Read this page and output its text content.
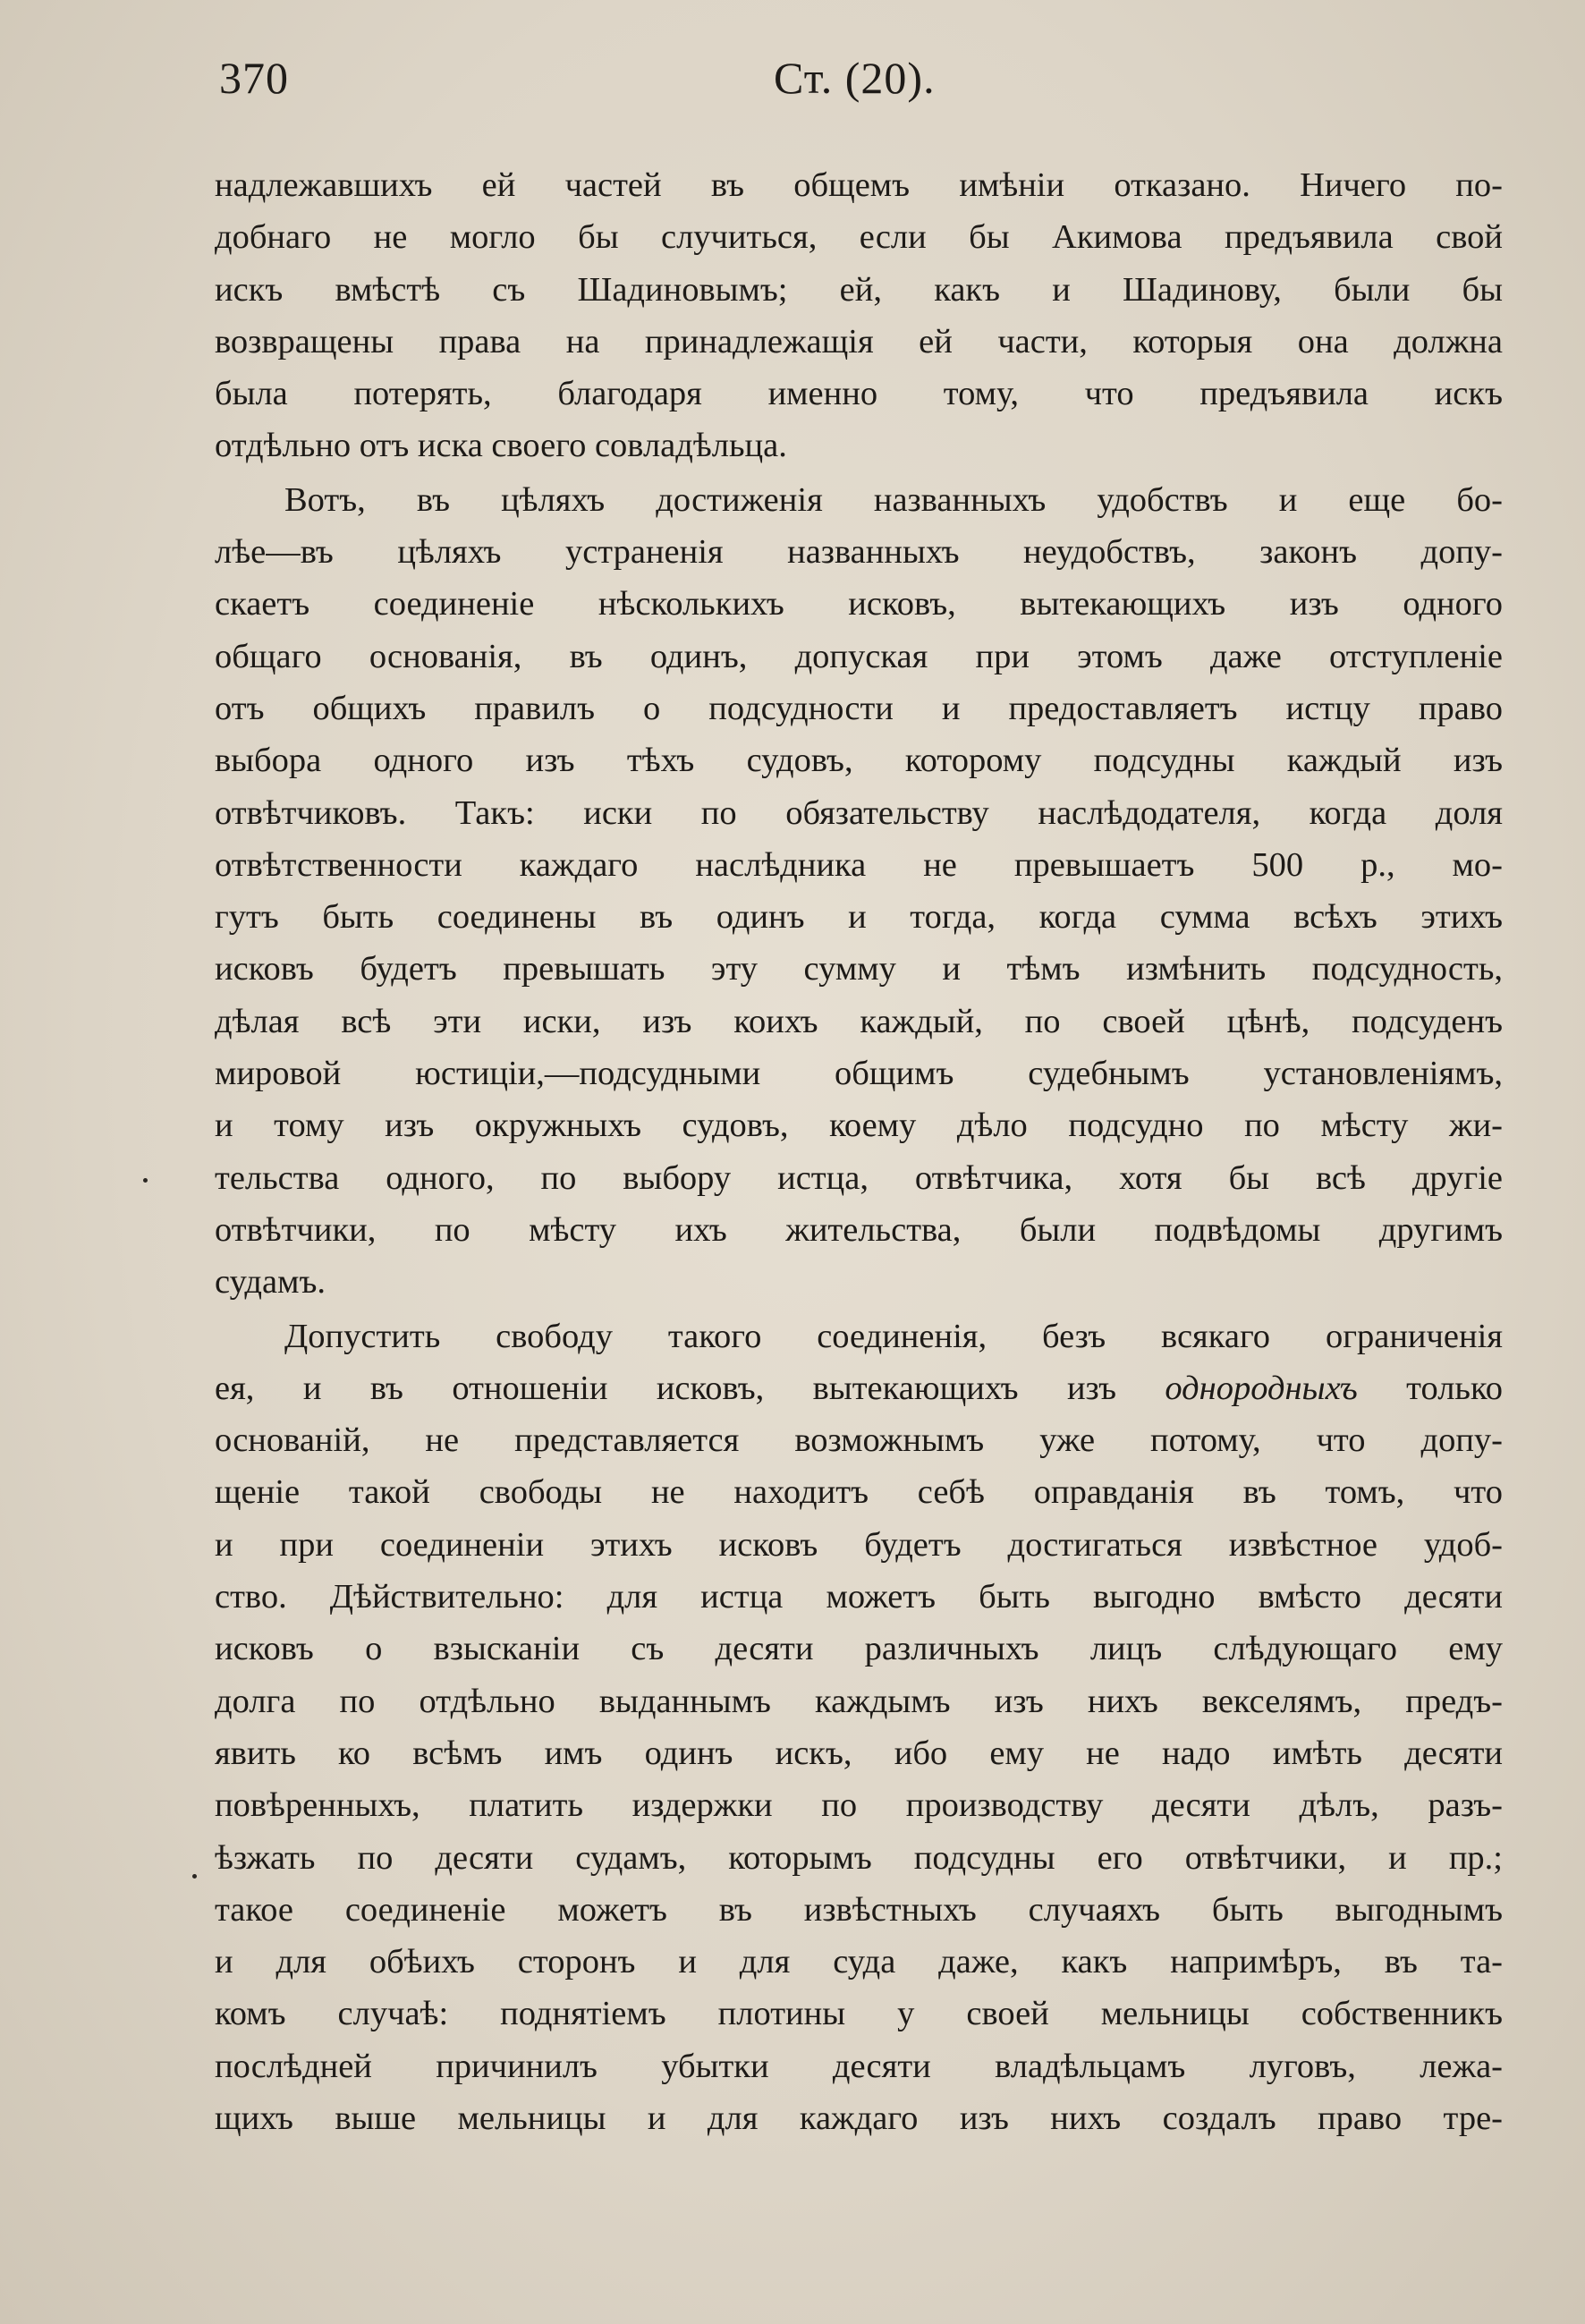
370	Ст. (20).
надлежавшихъ ей частей въ общемъ имѣніи отказано. Ничего по-
добнаго не могло бы случиться, если бы Акимова предъявила свой
искъ вмѣстѣ съ Шадиновымъ; ей, какъ и Шадинову, были бы
возвращены права на принадлежащія ей части, которыя она должна
была потерять, благодаря именно тому, что предъявила искъ
отдѣльно отъ иска своего совладѣльца.
Вотъ, въ цѣляхъ достиженія названныхъ удобствъ и еще бо-
лѣе—въ цѣляхъ устраненія названныхъ неудобствъ, законъ допу-
скаетъ соединеніе нѣсколькихъ исковъ, вытекающихъ изъ одного
общаго основанія, въ одинъ, допуская при этомъ даже отступленіе
отъ общихъ правилъ о подсудности и предоставляетъ истцу право
выбора одного изъ тѣхъ судовъ, которому подсудны каждый изъ
отвѣтчиковъ. Такъ: иски по обязательству наслѣдодателя, когда доля
отвѣтственности каждаго наслѣдника не превышаетъ 500 р., мо-
гутъ быть соединены въ одинъ и тогда, когда сумма всѣхъ этихъ
исковъ будетъ превышать эту сумму и тѣмъ измѣнить подсудность,
дѣлая всѣ эти иски, изъ коихъ каждый, по своей цѣнѣ, подсуденъ
мировой юстиціи,—подсудными общимъ судебнымъ установленіямъ,
и тому изъ окружныхъ судовъ, коему дѣло подсудно по мѣсту жи-
тельства одного, по выбору истца, отвѣтчика, хотя бы всѣ другіе
отвѣтчики, по мѣсту ихъ жительства, были подвѣдомы другимъ
судамъ.
Допустить свободу такого соединенія, безъ всякаго ограниченія
ея, и въ отношеніи исковъ, вытекающихъ изъ однородныхъ только
основаній, не представляется возможнымъ уже потому, что допу-
щеніе такой свободы не находитъ себѣ оправданія въ томъ, что
и при соединеніи этихъ исковъ будетъ достигаться извѣстное удоб-
ство. Дѣйствительно: для истца можетъ быть выгодно вмѣсто десяти
исковъ о взысканіи съ десяти различныхъ лицъ слѣдующаго ему
долга по отдѣльно выданнымъ каждымъ изъ нихъ векселямъ, предъ-
явить ко всѣмъ имъ одинъ искъ, ибо ему не надо имѣть десяти
повѣренныхъ, платить издержки по производству десяти дѣлъ, разъ-
ѣзжать по десяти судамъ, которымъ подсудны его отвѣтчики, и пр.;
такое соединеніе можетъ въ извѣстныхъ случаяхъ быть выгоднымъ
и для обѣихъ сторонъ и для суда даже, какъ напримѣръ, въ та-
комъ случаѣ: поднятіемъ плотины у своей мельницы собственникъ
послѣдней причинилъ убытки десяти владѣльцамъ луговъ, лежа-
щихъ выше мельницы и для каждаго изъ нихъ создалъ право тре-
